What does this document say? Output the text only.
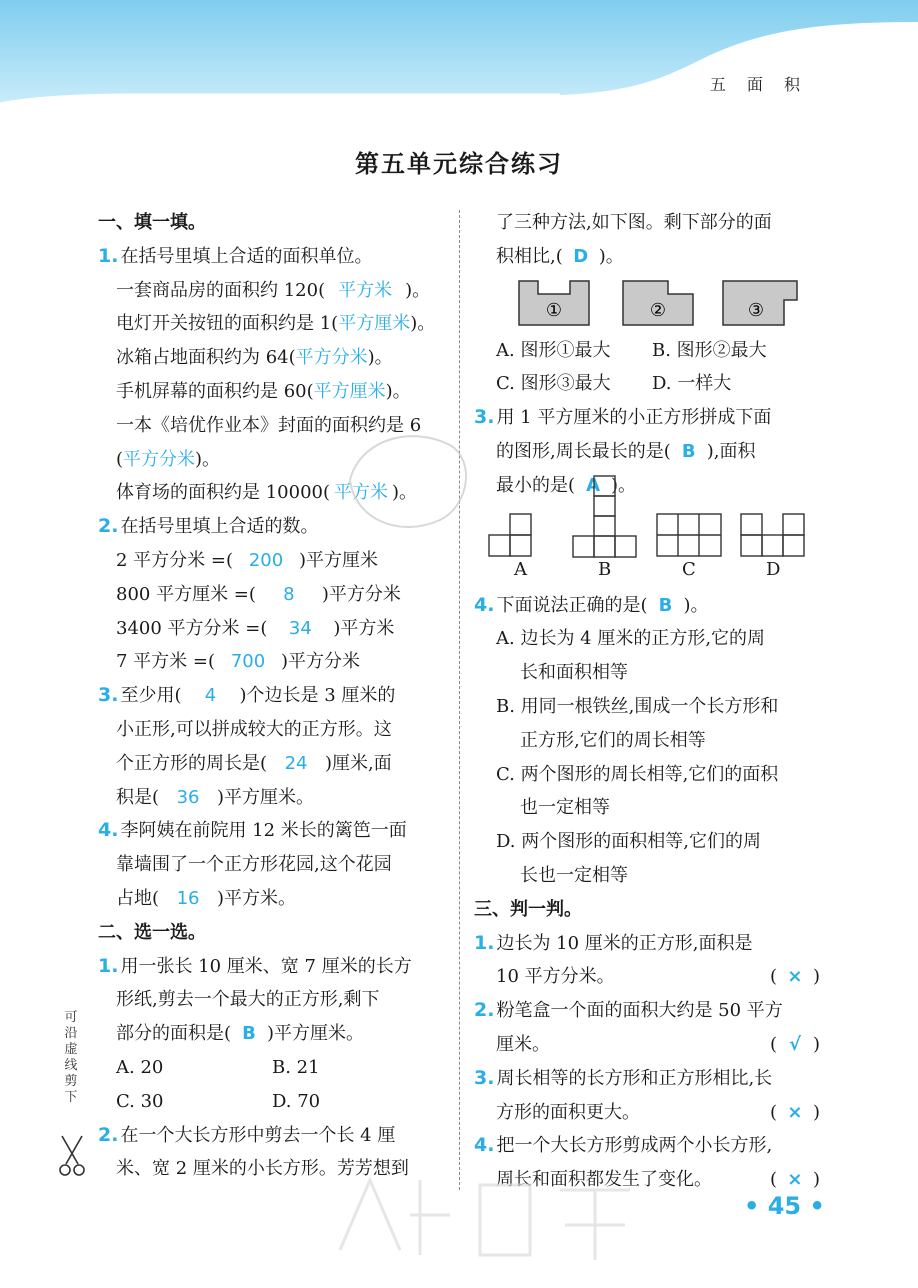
五 面 积
第五单元综合练习
一、填一填。
1. 在括号里填上合适的面积单位。
一套商品房的面积约 120( 平方米 )。
电灯开关按钮的面积约是 1(平方厘米)。
冰箱占地面积约为 64(平方分米)。
手机屏幕的面积约是 60(平方厘米)。
一本《培优作业本》封面的面积约是 6
(平方分米)。
体育场的面积约是 10000( 平方米 )。
2. 在括号里填上合适的数。
2 平方分米 =( 200 )平方厘米
800 平方厘米 =( 8 )平方分米
3400 平方分米 =( 34 )平方米
7 平方米 =( 700 )平方分米
3. 至少用( 4 )个边长是 3 厘米的
小正形,可以拼成较大的正方形。这
个正方形的周长是( 24 )厘米,面
积是( 36 )平方厘米。
4. 李阿姨在前院用 12 米长的篱笆一面
靠墙围了一个正方形花园,这个花园
占地( 16 )平方米。
二、选一选。
1. 用一张长 10 厘米、宽 7 厘米的长方
形纸,剪去一个最大的正方形,剩下
部分的面积是( B )平方厘米。
A. 20	B. 21
C. 30	D. 70
2. 在一个大长方形中剪去一个长 4 厘
米、宽 2 厘米的小长方形。芳芳想到
了三种方法,如下图。剩下部分的面
积相比,( D )。
①	②	③
A. 图形①最大	B. 图形②最大
C. 图形③最大	D. 一样大
3. 用 1 平方厘米的小正方形拼成下面
的图形,周长最长的是( B ),面积
最小的是( A )。
A	B	C	D
4. 下面说法正确的是( B )。
A. 边长为 4 厘米的正方形,它的周
长和面积相等
B. 用同一根铁丝,围成一个长方形和
正方形,它们的周长相等
C. 两个图形的周长相等,它们的面积
也一定相等
D. 两个图形的面积相等,它们的周
长也一定相等
三、判一判。
1. 边长为 10 厘米的正方形,面积是
10 平方分米。	( × )
2. 粉笔盒一个面的面积大约是 50 平方
厘米。	( √ )
3. 周长相等的长方形和正方形相比,长
方形的面积更大。	( × )
4. 把一个大长方形剪成两个小长方形,
周长和面积都发生了变化。	( × )
可
沿
虚
线
剪
下
• 45 •
